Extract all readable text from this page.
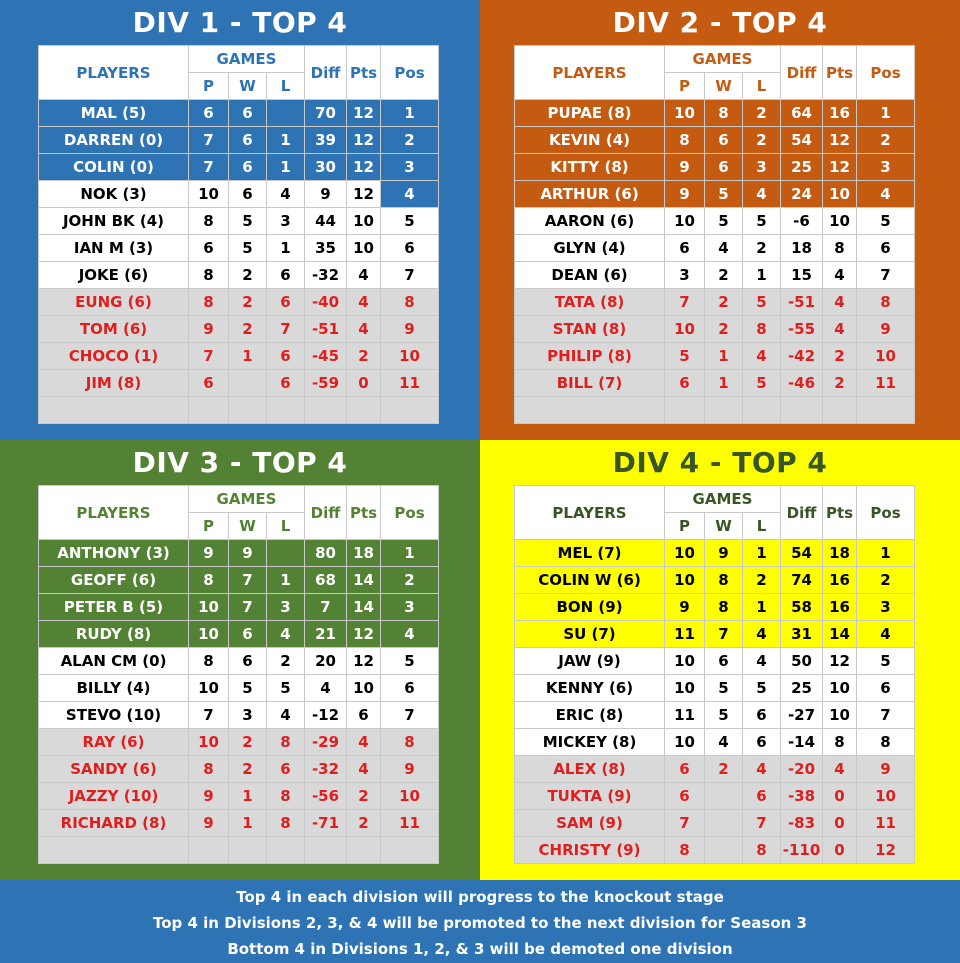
DIV 1 - TOP 4
PLAYERS	GAMES			Diff	Pts	Pos
	P	W	L			
MAL (5)	6	6		70	12	1
DARREN (0)	7	6	1	39	12	2
COLIN (0)	7	6	1	30	12	3
NOK (3)	10	6	4	9	12	4
JOHN BK (4)	8	5	3	44	10	5
IAN M (3)	6	5	1	35	10	6
JOKE (6)	8	2	6	-32	4	7
EUNG (6)	8	2	6	-40	4	8
TOM (6)	9	2	7	-51	4	9
CHOCO (1)	7	1	6	-45	2	10
JIM (8)	6		6	-59	0	11

DIV 2 - TOP 4
PLAYERS	GAMES			Diff	Pts	Pos
	P	W	L			
PUPAE (8)	10	8	2	64	16	1
KEVIN (4)	8	6	2	54	12	2
KITTY (8)	9	6	3	25	12	3
ARTHUR (6)	9	5	4	24	10	4
AARON (6)	10	5	5	-6	10	5
GLYN (4)	6	4	2	18	8	6
DEAN (6)	3	2	1	15	4	7
TATA (8)	7	2	5	-51	4	8
STAN (8)	10	2	8	-55	4	9
PHILIP (8)	5	1	4	-42	2	10
BILL (7)	6	1	5	-46	2	11

DIV 3 - TOP 4
PLAYERS	GAMES			Diff	Pts	Pos
	P	W	L			
ANTHONY (3)	9	9		80	18	1
GEOFF (6)	8	7	1	68	14	2
PETER B (5)	10	7	3	7	14	3
RUDY (8)	10	6	4	21	12	4
ALAN CM (0)	8	6	2	20	12	5
BILLY (4)	10	5	5	4	10	6
STEVO (10)	7	3	4	-12	6	7
RAY (6)	10	2	8	-29	4	8
SANDY (6)	8	2	6	-32	4	9
JAZZY (10)	9	1	8	-56	2	10
RICHARD (8)	9	1	8	-71	2	11

DIV 4 - TOP 4
PLAYERS	GAMES			Diff	Pts	Pos
	P	W	L			
MEL (7)	10	9	1	54	18	1
COLIN W (6)	10	8	2	74	16	2
BON (9)	9	8	1	58	16	3
SU (7)	11	7	4	31	14	4
JAW (9)	10	6	4	50	12	5
KENNY (6)	10	5	5	25	10	6
ERIC (8)	11	5	6	-27	10	7
MICKEY (8)	10	4	6	-14	8	8
ALEX (8)	6	2	4	-20	4	9
TUKTA (9)	6		6	-38	0	10
SAM (9)	7		7	-83	0	11
CHRISTY (9)	8		8	-110	0	12
Top 4 in each division will progress to the knockout stage
Top 4 in Divisions 2, 3, & 4 will be promoted to the next division for Season 3
Bottom 4 in Divisions 1, 2, & 3 will be demoted one division
